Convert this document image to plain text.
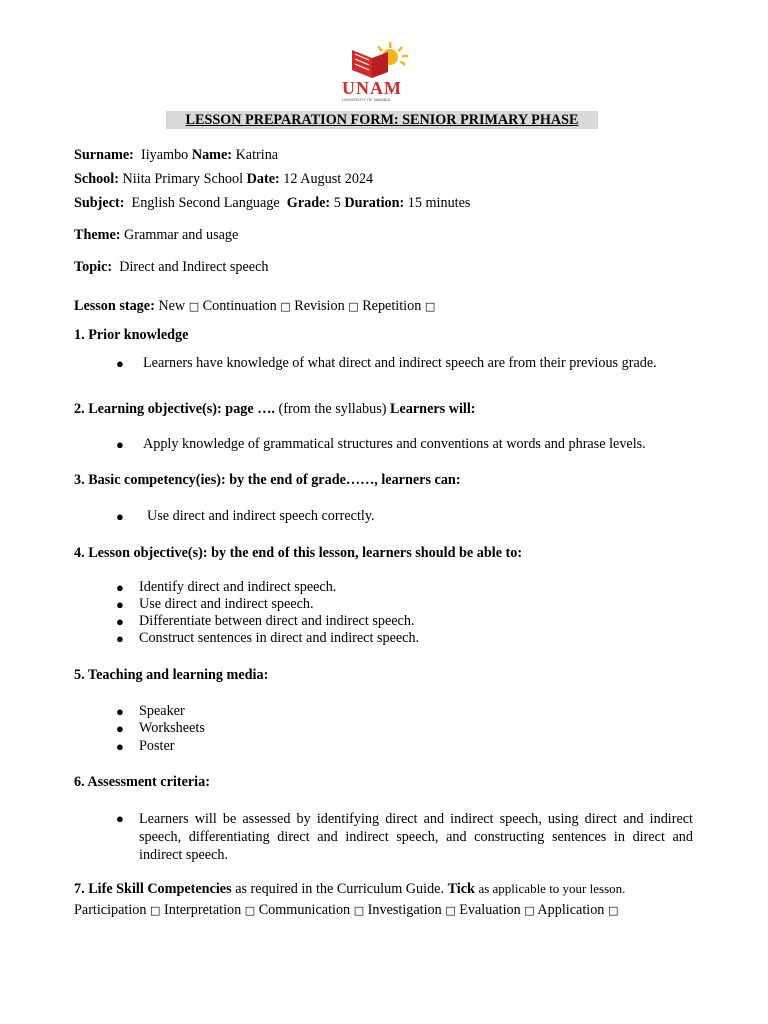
UNAM
UNIVERSITY OF NAMIBIA
LESSON PREPARATION FORM: SENIOR PRIMARY PHASE
Surname: Iiyambo Name: Katrina
School: Niita Primary School Date: 12 August 2024
Subject: English Second Language Grade: 5 Duration: 15 minutes
Theme: Grammar and usage
Topic: Direct and Indirect speech
Lesson stage: New □ Continuation □ Revision □ Repetition □
1. Prior knowledge
● Learners have knowledge of what direct and indirect speech are from their previous grade.
2. Learning objective(s): page …. (from the syllabus) Learners will:
● Apply knowledge of grammatical structures and conventions at words and phrase levels.
3. Basic competency(ies): by the end of grade……, learners can:
● Use direct and indirect speech correctly.
4. Lesson objective(s): by the end of this lesson, learners should be able to:
● Identify direct and indirect speech.
● Use direct and indirect speech.
● Differentiate between direct and indirect speech.
● Construct sentences in direct and indirect speech.
5. Teaching and learning media:
● Speaker
● Worksheets
● Poster
6. Assessment criteria:
● Learners will be assessed by identifying direct and indirect speech, using direct and indirect speech, differentiating direct and indirect speech, and constructing sentences in direct and indirect speech.
7. Life Skill Competencies as required in the Curriculum Guide. Tick as applicable to your lesson.
Participation □ Interpretation □ Communication □ Investigation □ Evaluation □ Application □
